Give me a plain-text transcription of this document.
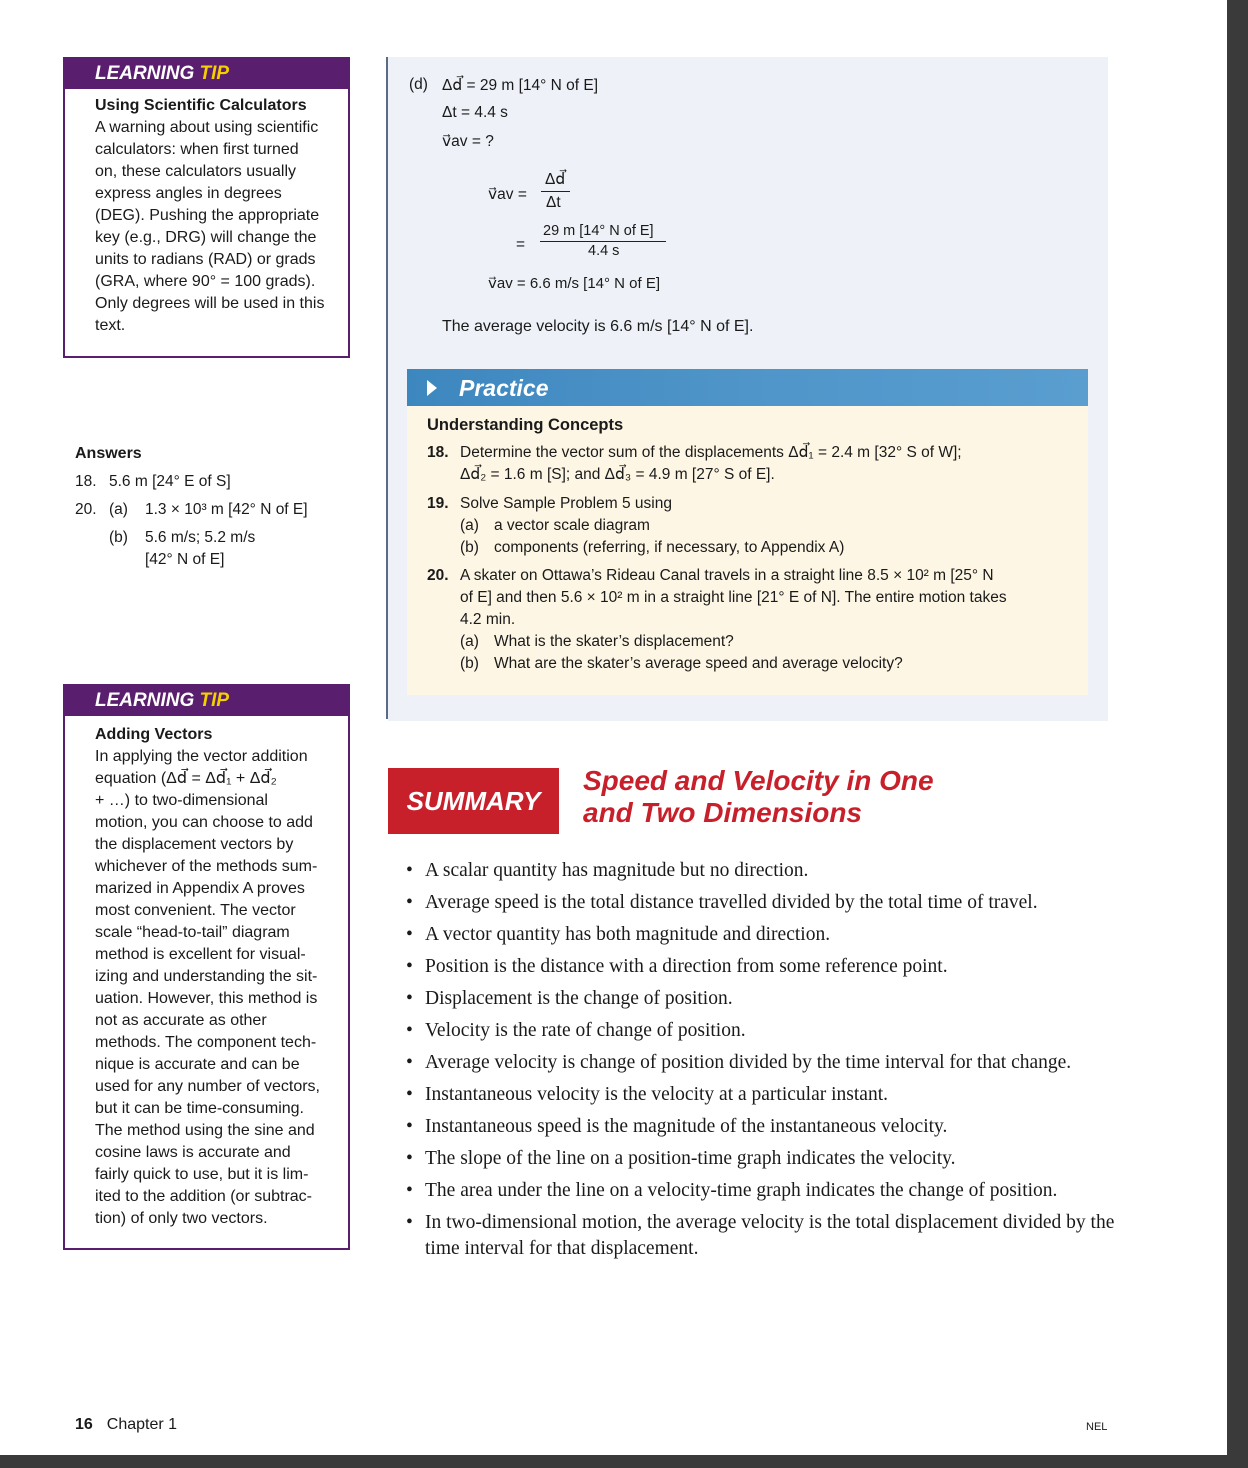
LEARNING TIP
Using Scientific Calculators
A warning about using scientific
calculators: when first turned
on, these calculators usually
express angles in degrees
(DEG). Pushing the appropriate
key (e.g., DRG) will change the
units to radians (RAD) or grads
(GRA, where 90° = 100 grads).
Only degrees will be used in this
text.
Answers
18. 5.6 m [24° E of S]
20. (a) 1.3 × 10³ m [42° N of E]
(b) 5.6 m/s; 5.2 m/s
[42° N of E]
LEARNING TIP
Adding Vectors
In applying the vector addition
equation (Δd⃗ = Δd⃗₁ + Δd⃗₂
+ …) to two-dimensional
motion, you can choose to add
the displacement vectors by
whichever of the methods sum-
marized in Appendix A proves
most convenient. The vector
scale “head-to-tail” diagram
method is excellent for visual-
izing and understanding the sit-
uation. However, this method is
not as accurate as other
methods. The component tech-
nique is accurate and can be
used for any number of vectors,
but it can be time-consuming.
The method using the sine and
cosine laws is accurate and
fairly quick to use, but it is lim-
ited to the addition (or subtrac-
tion) of only two vectors.
(d) Δd⃗ = 29 m [14° N of E]
Δt = 4.4 s
v⃗av = ?
v⃗av =
Δd⃗
Δt
=
29 m [14° N of E]
4.4 s
v⃗av = 6.6 m/s [14° N of E]
The average velocity is 6.6 m/s [14° N of E].
Practice
Understanding Concepts
18. Determine the vector sum of the displacements Δd⃗₁ = 2.4 m [32° S of W];
Δd⃗₂ = 1.6 m [S]; and Δd⃗₃ = 4.9 m [27° S of E].
19. Solve Sample Problem 5 using
(a) a vector scale diagram
(b) components (referring, if necessary, to Appendix A)
20. A skater on Ottawa’s Rideau Canal travels in a straight line 8.5 × 10² m [25° N
of E] and then 5.6 × 10² m in a straight line [21° E of N]. The entire motion takes
4.2 min.
(a) What is the skater’s displacement?
(b) What are the skater’s average speed and average velocity?
SUMMARY
Speed and Velocity in One
and Two Dimensions
• A scalar quantity has magnitude but no direction.
• Average speed is the total distance travelled divided by the total time of travel.
• A vector quantity has both magnitude and direction.
• Position is the distance with a direction from some reference point.
• Displacement is the change of position.
• Velocity is the rate of change of position.
• Average velocity is change of position divided by the time interval for that change.
• Instantaneous velocity is the velocity at a particular instant.
• Instantaneous speed is the magnitude of the instantaneous velocity.
• The slope of the line on a position-time graph indicates the velocity.
• The area under the line on a velocity-time graph indicates the change of position.
• In two-dimensional motion, the average velocity is the total displacement divided by the time interval for that displacement.
16 Chapter 1	NEL
